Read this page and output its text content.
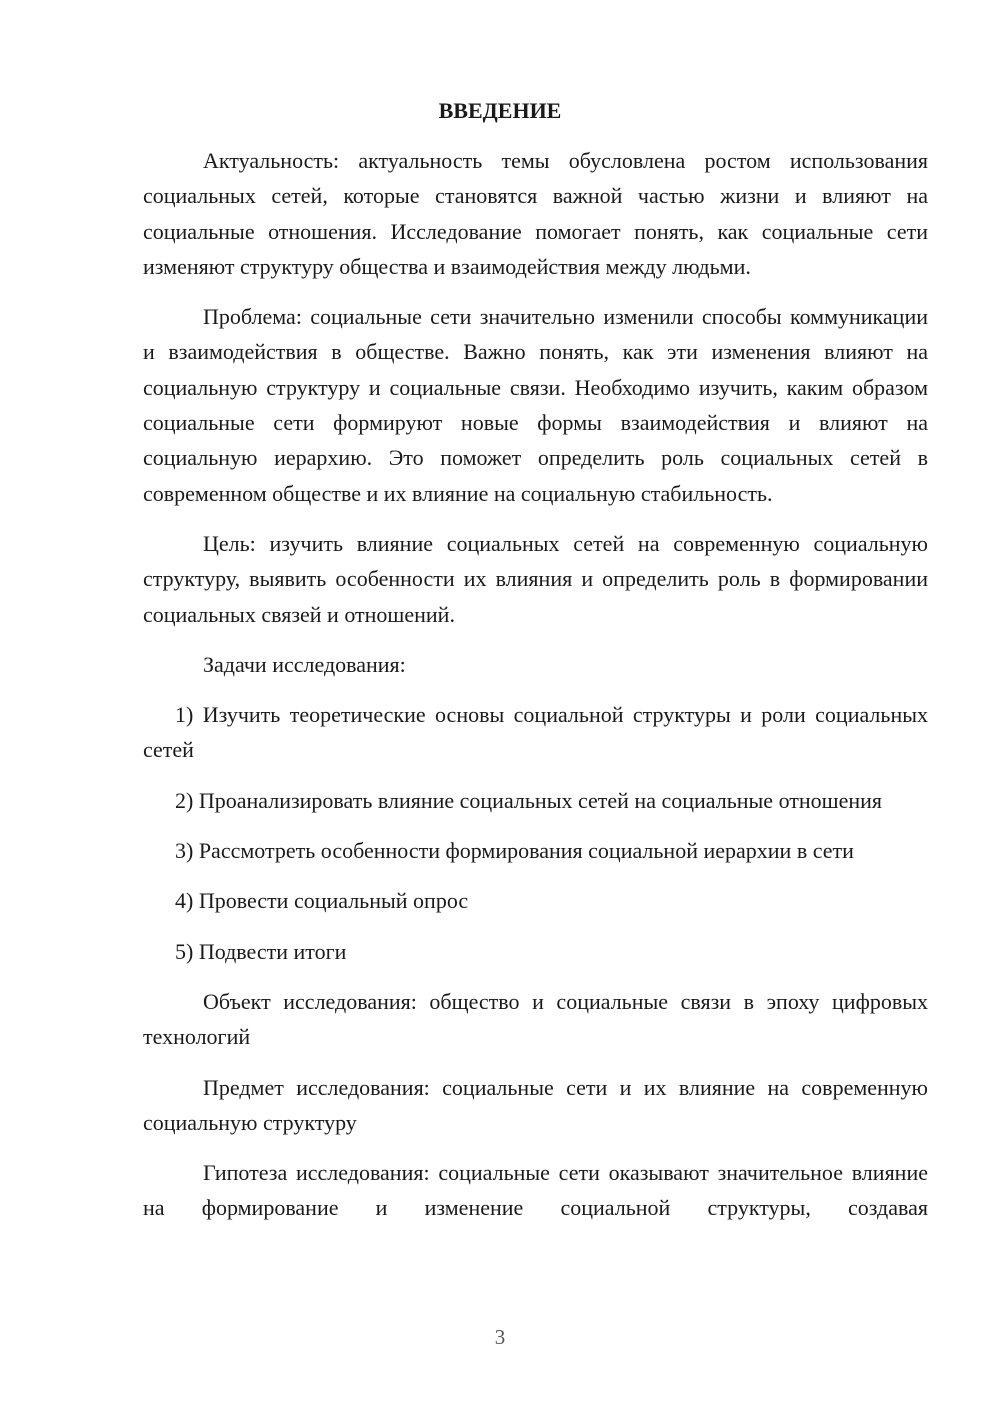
ВВЕДЕНИЕ

Актуальность: актуальность темы обусловлена ростом использования социальных сетей, которые становятся важной частью жизни и влияют на социальные отношения. Исследование помогает понять, как социальные сети изменяют структуру общества и взаимодействия между людьми.

Проблема: социальные сети значительно изменили способы коммуникации и взаимодействия в обществе. Важно понять, как эти изменения влияют на социальную структуру и социальные связи. Необходимо изучить, каким образом социальные сети формируют новые формы взаимодействия и влияют на социальную иерархию. Это поможет определить роль социальных сетей в современном обществе и их влияние на социальную стабильность.

Цель: изучить влияние социальных сетей на современную социальную структуру, выявить особенности их влияния и определить роль в формировании социальных связей и отношений.

Задачи исследования:

1) Изучить теоретические основы социальной структуры и роли социальных сетей

2) Проанализировать влияние социальных сетей на социальные отношения

3) Рассмотреть особенности формирования социальной иерархии в сети

4) Провести социальный опрос

5) Подвести итоги

Объект исследования: общество и социальные связи в эпоху цифровых технологий

Предмет исследования: социальные сети и их влияние на современную социальную структуру

Гипотеза исследования: социальные сети оказывают значительное влияние на формирование и изменение социальной структуры, создавая

3
